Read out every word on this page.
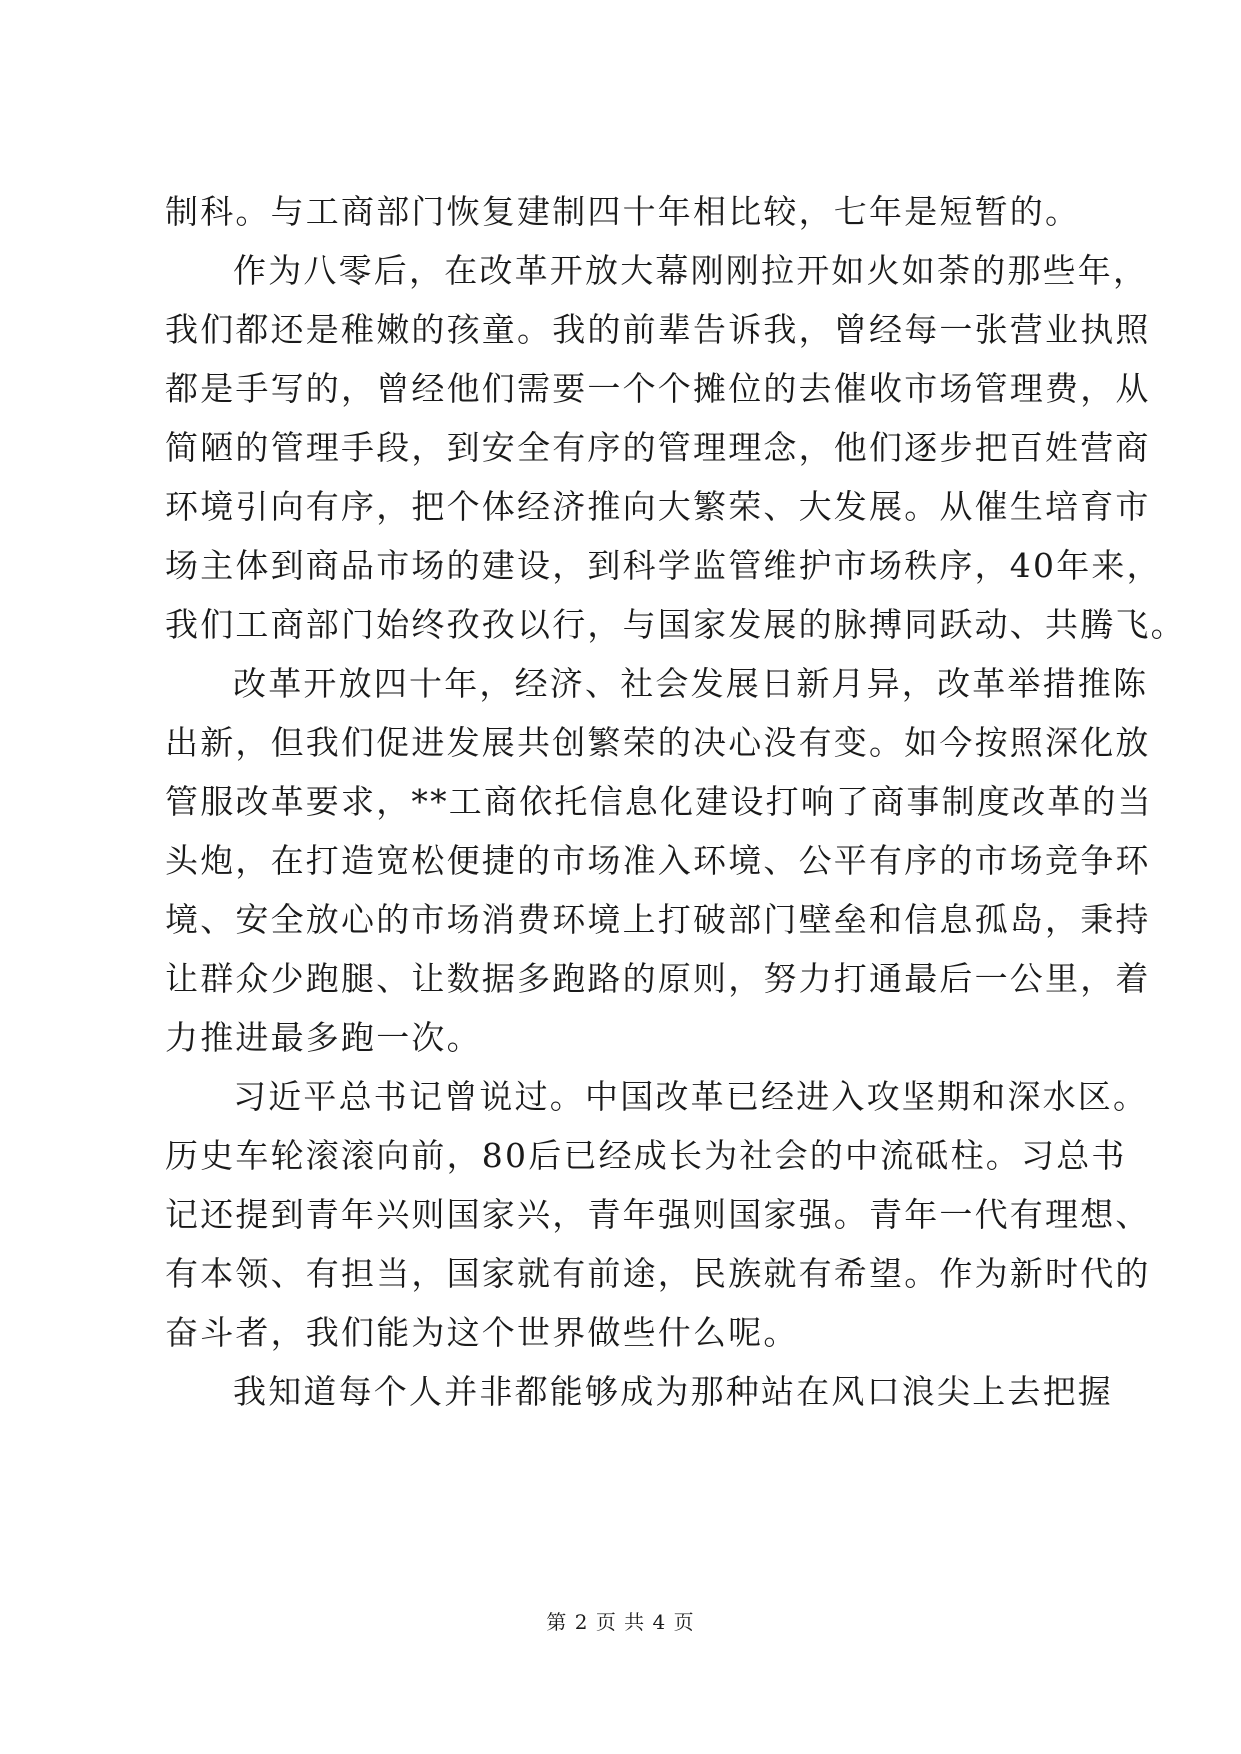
制科。与工商部门恢复建制四十年相比较，七年是短暂的。
作为八零后，在改革开放大幕刚刚拉开如火如荼的那些年，
我们都还是稚嫩的孩童。我的前辈告诉我，曾经每一张营业执照
都是手写的，曾经他们需要一个个摊位的去催收市场管理费，从
简陋的管理手段，到安全有序的管理理念，他们逐步把百姓营商
环境引向有序，把个体经济推向大繁荣、大发展。从催生培育市
场主体到商品市场的建设，到科学监管维护市场秩序，40年来，
我们工商部门始终孜孜以行，与国家发展的脉搏同跃动、共腾飞。
改革开放四十年，经济、社会发展日新月异，改革举措推陈
出新，但我们促进发展共创繁荣的决心没有变。如今按照深化放
管服改革要求，**工商依托信息化建设打响了商事制度改革的当
头炮，在打造宽松便捷的市场准入环境、公平有序的市场竞争环
境、安全放心的市场消费环境上打破部门壁垒和信息孤岛，秉持
让群众少跑腿、让数据多跑路的原则，努力打通最后一公里，着
力推进最多跑一次。
习近平总书记曾说过。中国改革已经进入攻坚期和深水区。
历史车轮滚滚向前，80后已经成长为社会的中流砥柱。习总书
记还提到青年兴则国家兴，青年强则国家强。青年一代有理想、
有本领、有担当，国家就有前途，民族就有希望。作为新时代的
奋斗者，我们能为这个世界做些什么呢。
我知道每个人并非都能够成为那种站在风口浪尖上去把握
第 2 页 共 4 页
